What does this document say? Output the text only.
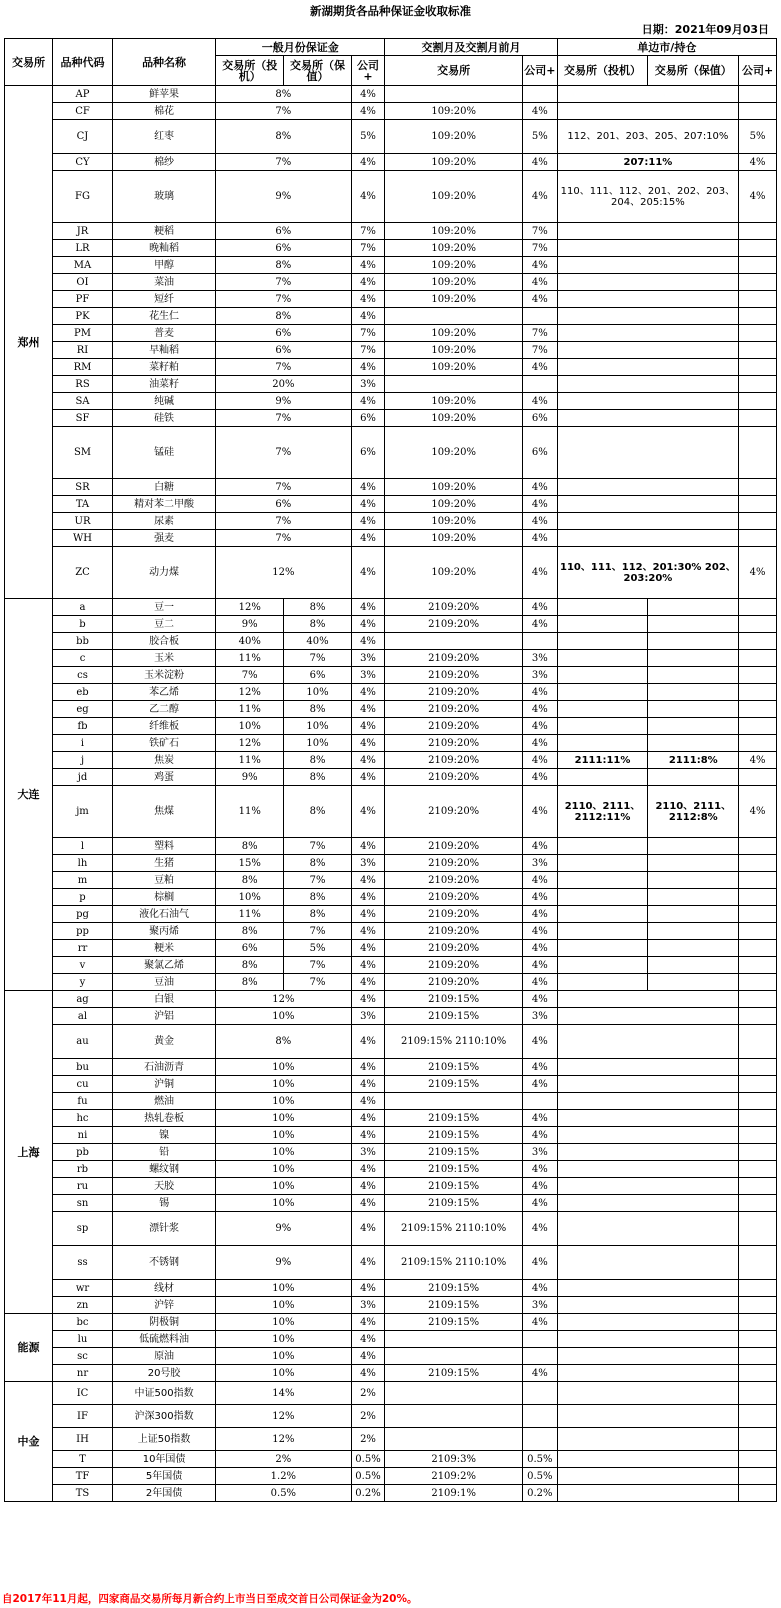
新湖期货各品种保证金收取标准
日期：2021年09月03日
交易所	品种代码	品种名称	一般月份保证金			交割月及交割月前月		单边市/持仓		
			交易所（投机）	交易所（保值）	公司+	交易所	公司+	交易所（投机）	交易所（保值）	公司+
郑州	AP	鲜苹果	8%		4%					
	CF	棉花	7%		4%	109:20%	4%			
	CJ	红枣	8%		5%	109:20%	5%	112、201、203、205、207:10%		5%
	CY	棉纱	7%		4%	109:20%	4%	207:11%		4%
	FG	玻璃	9%		4%	109:20%	4%	110、111、112、201、202、203、204、205:15%		4%
	JR	粳稻	6%		7%	109:20%	7%			
	LR	晚籼稻	6%		7%	109:20%	7%			
	MA	甲醇	8%		4%	109:20%	4%			
	OI	菜油	7%		4%	109:20%	4%			
	PF	短纤	7%		4%	109:20%	4%			
	PK	花生仁	8%		4%					
	PM	普麦	6%		7%	109:20%	7%			
	RI	早籼稻	6%		7%	109:20%	7%			
	RM	菜籽粕	7%		4%	109:20%	4%			
	RS	油菜籽	20%		3%					
	SA	纯碱	9%		4%	109:20%	4%			
	SF	硅铁	7%		6%	109:20%	6%			
	SM	锰硅	7%		6%	109:20%	6%			
	SR	白糖	7%		4%	109:20%	4%			
	TA	精对苯二甲酸	6%		4%	109:20%	4%			
	UR	尿素	7%		4%	109:20%	4%			
	WH	强麦	7%		4%	109:20%	4%			
	ZC	动力煤	12%		4%	109:20%	4%	110、111、112、201:30% 202、203:20%		4%
大连	a	豆一	12%	8%	4%	2109:20%	4%			
	b	豆二	9%	8%	4%	2109:20%	4%			
	bb	胶合板	40%	40%	4%					
	c	玉米	11%	7%	3%	2109:20%	3%			
	cs	玉米淀粉	7%	6%	3%	2109:20%	3%			
	eb	苯乙烯	12%	10%	4%	2109:20%	4%			
	eg	乙二醇	11%	8%	4%	2109:20%	4%			
	fb	纤维板	10%	10%	4%	2109:20%	4%			
	i	铁矿石	12%	10%	4%	2109:20%	4%			
	j	焦炭	11%	8%	4%	2109:20%	4%	2111:11%	2111:8%	4%
	jd	鸡蛋	9%	8%	4%	2109:20%	4%			
	jm	焦煤	11%	8%	4%	2109:20%	4%	2110、2111、2112:11%	2110、2111、2112:8%	4%
	l	塑料	8%	7%	4%	2109:20%	4%			
	lh	生猪	15%	8%	3%	2109:20%	3%			
	m	豆粕	8%	7%	4%	2109:20%	4%			
	p	棕榈	10%	8%	4%	2109:20%	4%			
	pg	液化石油气	11%	8%	4%	2109:20%	4%			
	pp	聚丙烯	8%	7%	4%	2109:20%	4%			
	rr	粳米	6%	5%	4%	2109:20%	4%			
	v	聚氯乙烯	8%	7%	4%	2109:20%	4%			
	y	豆油	8%	7%	4%	2109:20%	4%			
上海	ag	白银	12%		4%	2109:15%	4%			
	al	沪铝	10%		3%	2109:15%	3%			
	au	黄金	8%		4%	2109:15% 2110:10%	4%			
	bu	石油沥青	10%		4%	2109:15%	4%			
	cu	沪铜	10%		4%	2109:15%	4%			
	fu	燃油	10%		4%					
	hc	热轧卷板	10%		4%	2109:15%	4%			
	ni	镍	10%		4%	2109:15%	4%			
	pb	铅	10%		3%	2109:15%	3%			
	rb	螺纹钢	10%		4%	2109:15%	4%			
	ru	天胶	10%		4%	2109:15%	4%			
	sn	锡	10%		4%	2109:15%	4%			
	sp	漂针浆	9%		4%	2109:15% 2110:10%	4%			
	ss	不锈钢	9%		4%	2109:15% 2110:10%	4%			
	wr	线材	10%		4%	2109:15%	4%			
	zn	沪锌	10%		3%	2109:15%	3%			
能源	bc	阴极铜	10%		4%	2109:15%	4%			
	lu	低硫燃料油	10%		4%					
	sc	原油	10%		4%					
	nr	20号胶	10%		4%	2109:15%	4%			
中金	IC	中证500指数	14%		2%					
	IF	沪深300指数	12%		2%					
	IH	上证50指数	12%		2%					
	T	10年国债	2%		0.5%	2109:3%	0.5%			
	TF	5年国债	1.2%		0.5%	2109:2%	0.5%			
	TS	2年国债	0.5%		0.2%	2109:1%	0.2%			
自2017年11月起，四家商品交易所每月新合约上市当日至成交首日公司保证金为20%。
